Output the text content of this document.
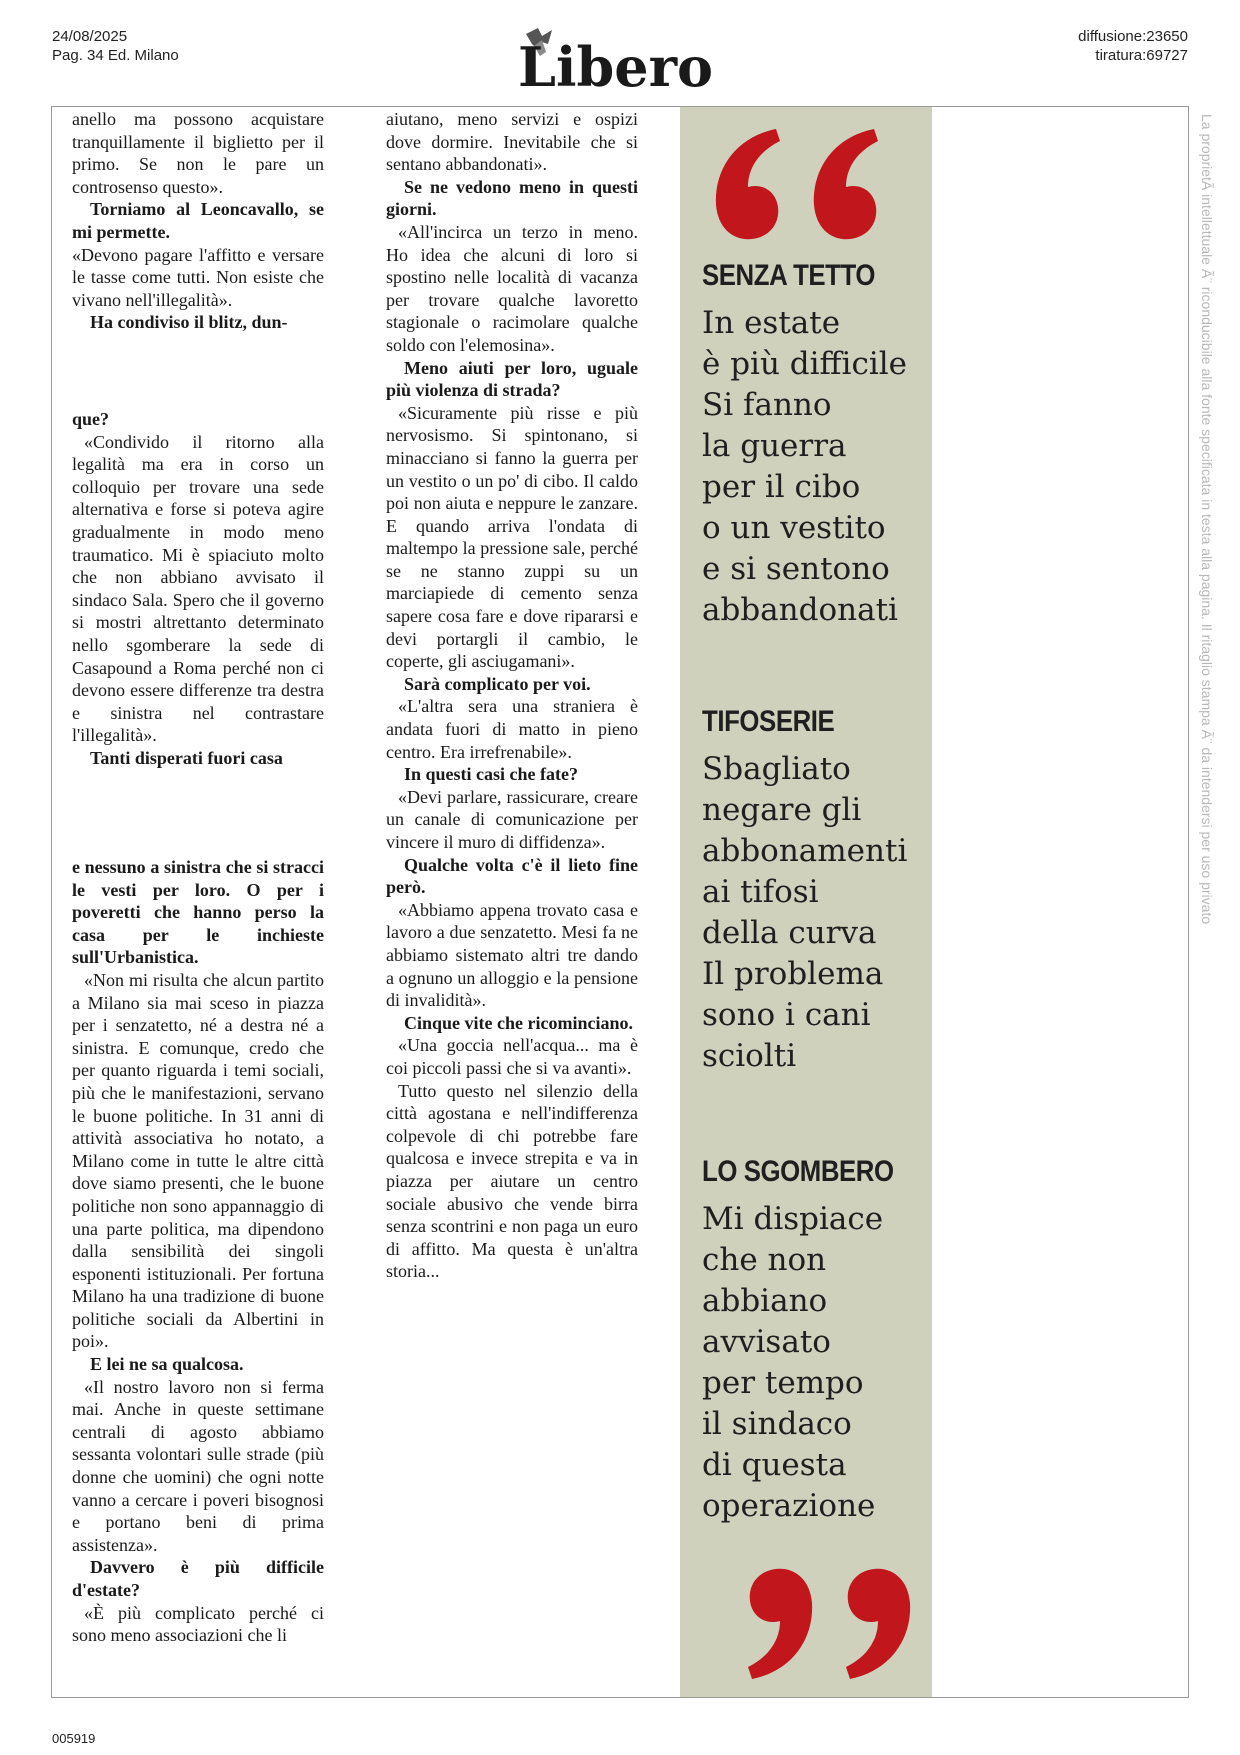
24/08/2025
Pag. 34 Ed. Milano	Libero	diffusione:23650
tiratura:69727

anello ma possono acquistare tranquillamente il biglietto per il primo. Se non le pare un controsenso questo».

Torniamo al Leoncavallo, se mi permette.

«Devono pagare l'affitto e versare le tasse come tutti. Non esiste che vivano nell'illegalità».

Ha condiviso il blitz, dun-

que?

«Condivido il ritorno alla legalità ma era in corso un colloquio per trovare una sede alternativa e forse si poteva agire gradualmente in modo meno traumatico. Mi è spiaciuto molto che non abbiano avvisato il sindaco Sala. Spero che il governo si mostri altrettanto determinato nello sgomberare la sede di Casapound a Roma perché non ci devono essere differenze tra destra e sinistra nel contrastare l'illegalità».

Tanti disperati fuori casa

e nessuno a sinistra che si stracci le vesti per loro. O per i poveretti che hanno perso la casa per le inchieste sull'Urbanistica.

«Non mi risulta che alcun partito a Milano sia mai sceso in piazza per i senzatetto, né a destra né a sinistra. E comunque, credo che per quanto riguarda i temi sociali, più che le manifestazioni, servano le buone politiche. In 31 anni di attività associativa ho notato, a Milano come in tutte le altre città dove siamo presenti, che le buone politiche non sono appannaggio di una parte politica, ma dipendono dalla sensibilità dei singoli esponenti istituzionali. Per fortuna Milano ha una tradizione di buone politiche sociali da Albertini in poi».

E lei ne sa qualcosa.

«Il nostro lavoro non si ferma mai. Anche in queste settimane centrali di agosto abbiamo sessanta volontari sulle strade (più donne che uomini) che ogni notte vanno a cercare i poveri bisognosi e portano beni di prima assistenza».

Davvero è più difficile d'estate?

«È più complicato perché ci sono meno associazioni che li

aiutano, meno servizi e ospizi dove dormire. Inevitabile che si sentano abbandonati».

Se ne vedono meno in questi giorni.

«All'incirca un terzo in meno. Ho idea che alcuni di loro si spostino nelle località di vacanza per trovare qualche lavoretto stagionale o racimolare qualche soldo con l'elemosina».

Meno aiuti per loro, uguale più violenza di strada?

«Sicuramente più risse e più nervosismo. Si spintonano, si minacciano si fanno la guerra per un vestito o un po' di cibo. Il caldo poi non aiuta e neppure le zanzare. E quando arriva l'ondata di maltempo la pressione sale, perché se ne stanno zuppi su un marciapiede di cemento senza sapere cosa fare e dove ripararsi e devi portargli il cambio, le coperte, gli asciugamani».

Sarà complicato per voi.

«L'altra sera una straniera è andata fuori di matto in pieno centro. Era irrefrenabile».

In questi casi che fate?

«Devi parlare, rassicurare, creare un canale di comunicazione per vincere il muro di diffidenza».

Qualche volta c'è il lieto fine però.

«Abbiamo appena trovato casa e lavoro a due senzatetto. Mesi fa ne abbiamo sistemato altri tre dando a ognuno un alloggio e la pensione di invalidità».

Cinque vite che ricominciano.

«Una goccia nell'acqua... ma è coi piccoli passi che si va avanti».

Tutto questo nel silenzio della città agostana e nell'indifferenza colpevole di chi potrebbe fare qualcosa e invece strepita e va in piazza per aiutare un centro sociale abusivo che vende birra senza scontrini e non paga un euro di affitto. Ma questa è un'altra storia...

SENZA TETTO
In estate
è più difficile
Si fanno
la guerra
per il cibo
o un vestito
e si sentono
abbandonati
TIFOSERIE
Sbagliato
negare gli
abbonamenti
ai tifosi
della curva
Il problema
sono i cani
sciolti
LO SGOMBERO
Mi dispiace
che non
abbiano
avvisato
per tempo
il sindaco
di questa
operazione
La proprietÃ intellettuale Ã¨ riconducibile alla fonte specificata in testa alla pagina. Il ritaglio stampa Ã¨ da intendersi per uso privato
005919
